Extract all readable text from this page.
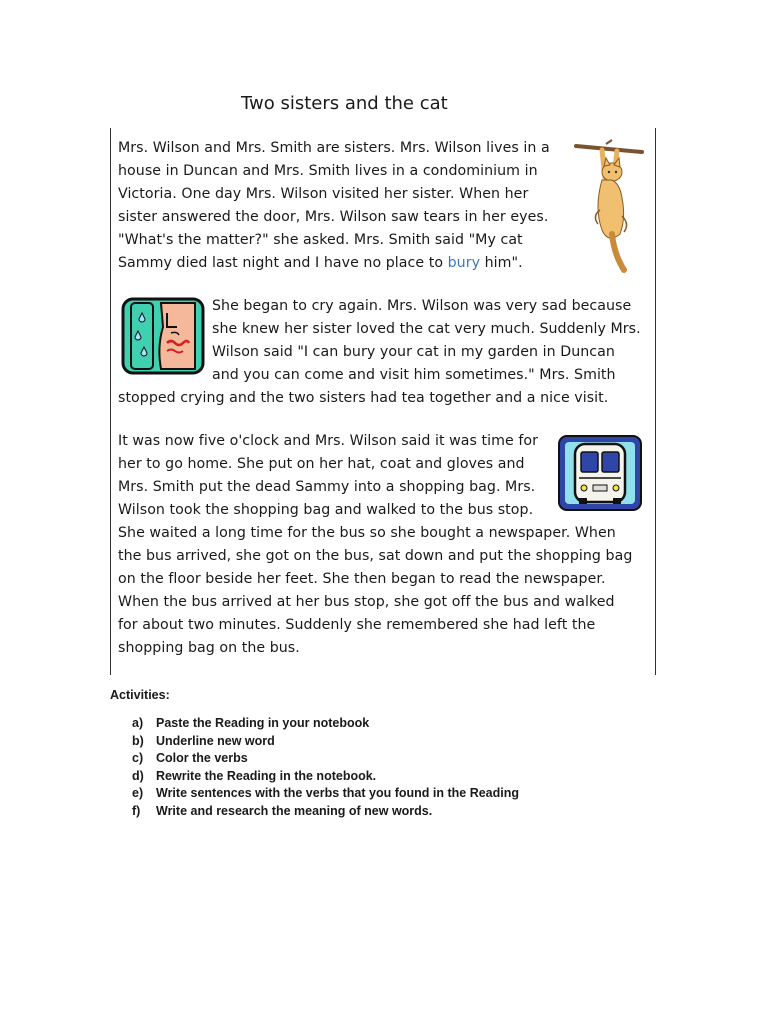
Two sisters and the cat
Mrs. Wilson and Mrs. Smith are sisters. Mrs. Wilson lives in a
house in Duncan and Mrs. Smith lives in a condominium in
Victoria. One day Mrs. Wilson visited her sister. When her
sister answered the door, Mrs. Wilson saw tears in her eyes.
"What's the matter?" she asked. Mrs. Smith said "My cat
Sammy died last night and I have no place to bury him".
She began to cry again. Mrs. Wilson was very sad because
she knew her sister loved the cat very much. Suddenly Mrs.
Wilson said "I can bury your cat in my garden in Duncan
and you can come and visit him sometimes." Mrs. Smith
stopped crying and the two sisters had tea together and a nice visit.
It was now five o'clock and Mrs. Wilson said it was time for
her to go home. She put on her hat, coat and gloves and
Mrs. Smith put the dead Sammy into a shopping bag. Mrs.
Wilson took the shopping bag and walked to the bus stop.
She waited a long time for the bus so she bought a newspaper. When
the bus arrived, she got on the bus, sat down and put the shopping bag
on the floor beside her feet. She then began to read the newspaper.
When the bus arrived at her bus stop, she got off the bus and walked
for about two minutes. Suddenly she remembered she had left the
shopping bag on the bus.

Activities:

a) Paste the Reading in your notebook
b) Underline new word
c) Color the verbs
d) Rewrite the Reading in the notebook.
e) Write sentences with the verbs that you found in the Reading
f) Write and research the meaning of new words.
